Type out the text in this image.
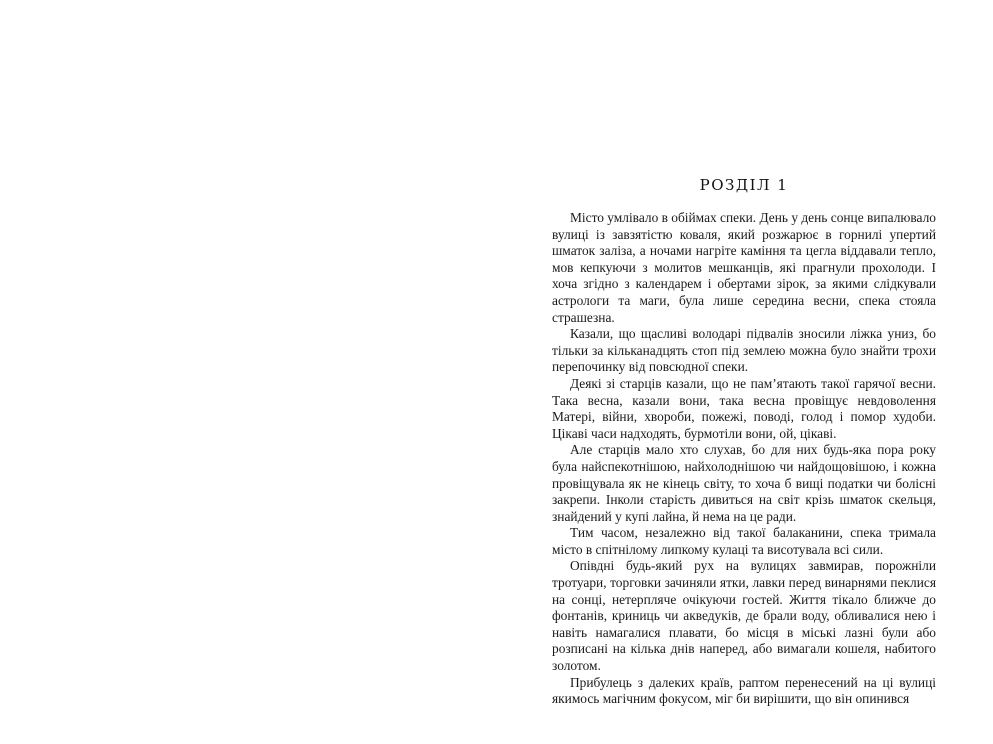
РОЗДІЛ 1

Місто умлівало в обіймах спеки. День у день сонце випалювало вулиці із завзятістю коваля, який розжарює в горнилі упертий шматок заліза, а ночами нагріте каміння та цегла віддавали тепло, мов кепкуючи з молитов мешканців, які прагнули прохолоди. І хоча згідно з календарем і обертами зірок, за якими слідкували астрологи та маги, була лише середина весни, спека стояла страшезна.

Казали, що щасливі володарі підвалів зносили ліжка униз, бо тільки за кільканадцять стоп під землею можна було знайти трохи перепочинку від повсюдної спеки.

Деякі зі старців казали, що не пам’ятають такої гарячої весни. Така весна, казали вони, така весна провіщує невдоволення Матері, війни, хвороби, пожежі, поводі, голод і помор худоби. Цікаві часи надходять, бурмотіли вони, ой, цікаві.

Але старців мало хто слухав, бо для них будь-яка пора року була найспекотнішою, найхолоднішою чи найдощовішою, і кожна провіщувала як не кінець світу, то хоча б вищі податки чи болісні закрепи. Інколи старість дивиться на світ крізь шматок скельця, знайдений у купі лайна, й нема на це ради.

Тим часом, незалежно від такої балаканини, спека тримала місто в спітнілому липкому кулаці та висотувала всі сили.

Опівдні будь-який рух на вулицях завмирав, порожніли тротуари, торговки зачиняли ятки, лавки перед винарнями пеклися на сонці, нетерпляче очікуючи гостей. Життя тікало ближче до фонтанів, криниць чи акведуків, де брали воду, обливалися нею і навіть намагалися плавати, бо місця в міські лазні були або розписані на кілька днів наперед, або вимагали кошеля, набитого золотом.

Прибулець з далеких країв, раптом перенесений на ці вулиці якимось магічним фокусом, міг би вирішити, що він опинився
